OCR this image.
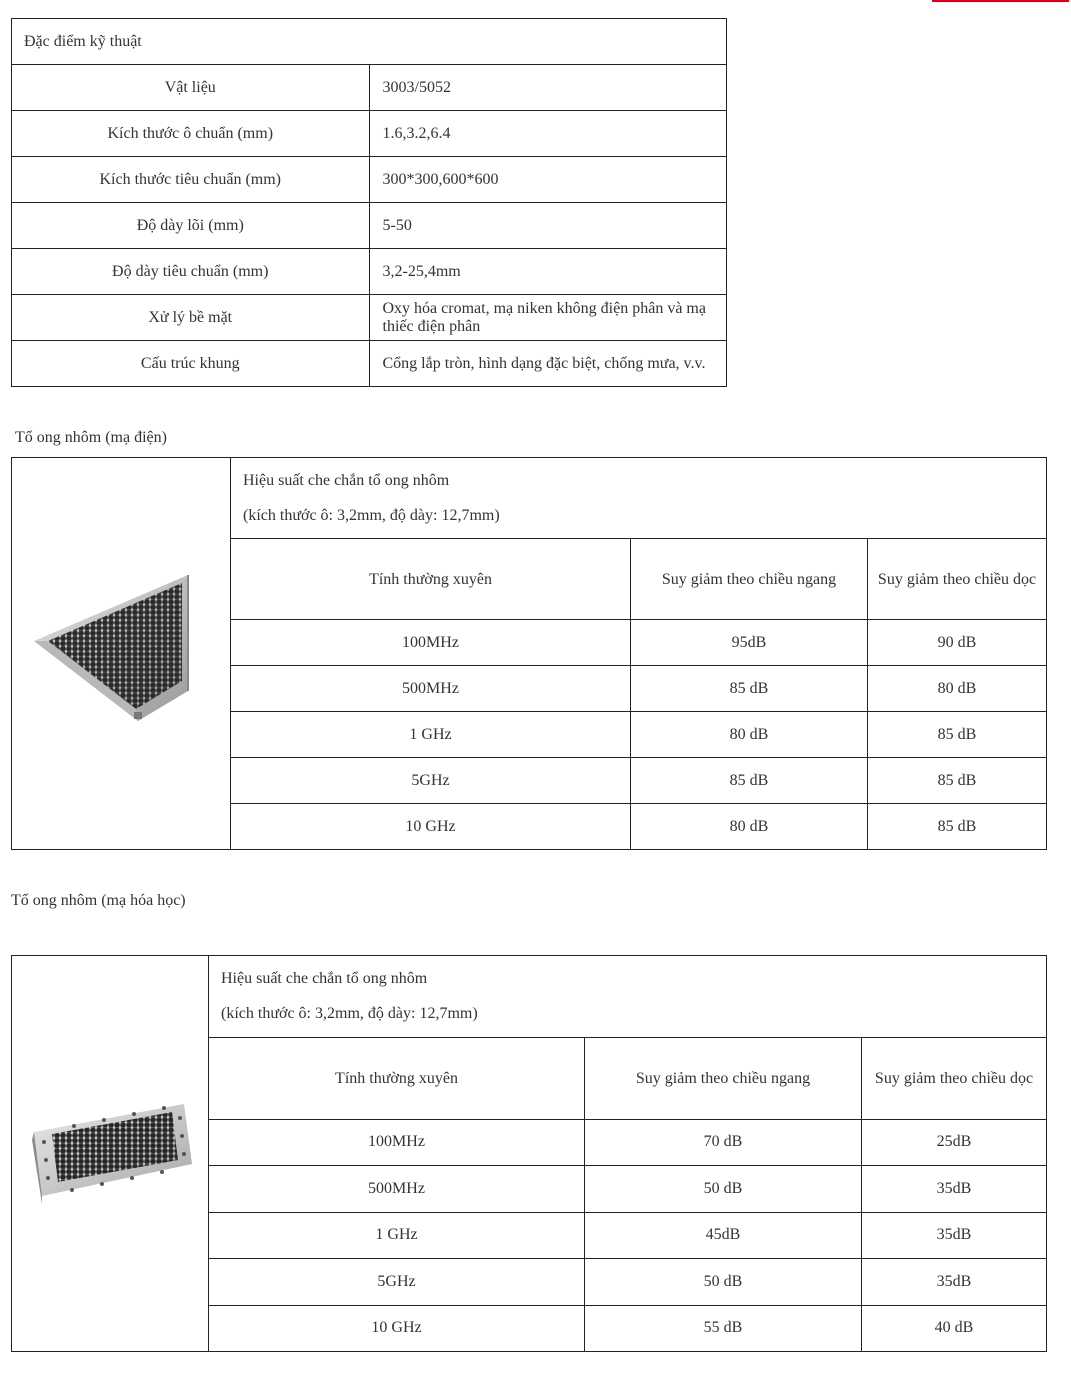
Đặc điểm kỹ thuật	
Vật liệu	3003/5052
Kích thước ô chuẩn (mm)	1.6,3.2,6.4
Kích thước tiêu chuẩn (mm)	300*300,600*600
Độ dày lõi (mm)	5-50
Độ dày tiêu chuẩn (mm)	3,2-25,4mm
Xử lý bề mặt	Oxy hóa cromat, mạ niken không điện phân và mạ thiếc điện phân
Cấu trúc khung	Cổng lắp tròn, hình dạng đặc biệt, chống mưa, v.v.
Tổ ong nhôm (mạ điện)

Hiệu suất che chắn tổ ong nhôm
(kích thước ô: 3,2mm, độ dày: 12,7mm)		

	Tính thường xuyên	Suy giảm theo chiều ngang	Suy giảm theo chiều dọc
	100MHz	95dB	90 dB
	500MHz	85 dB	80 dB
	1 GHz	80 dB	85 dB
	5GHz	85 dB	85 dB
	10 GHz	80 dB	85 dB
Tổ ong nhôm (mạ hóa học)

Hiệu suất che chắn tổ ong nhôm
(kích thước ô: 3,2mm, độ dày: 12,7mm)		

	Tính thường xuyên	Suy giảm theo chiều ngang	Suy giảm theo chiều dọc
	100MHz	70 dB	25dB
	500MHz	50 dB	35dB
	1 GHz	45dB	35dB
	5GHz	50 dB	35dB
	10 GHz	55 dB	40 dB
